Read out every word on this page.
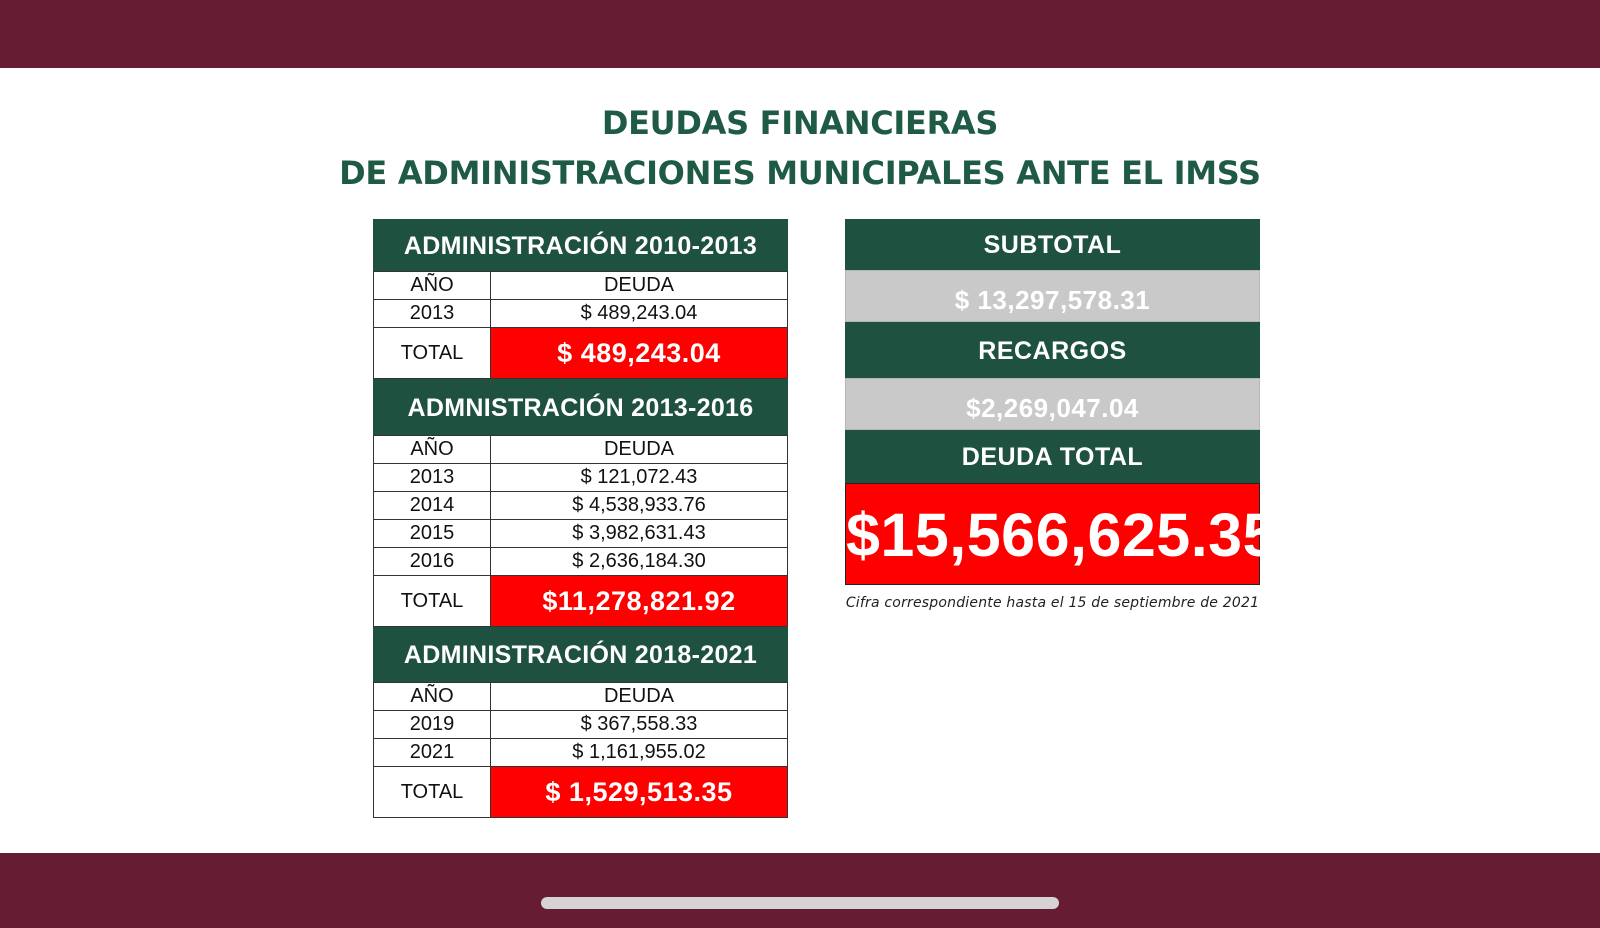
DEUDAS FINANCIERAS
DE ADMINISTRACIONES MUNICIPALES ANTE EL IMSS
ADMINISTRACIÓN 2010-2013
AÑO	DEUDA
2013	$ 489,243.04
TOTAL	$ 489,243.04
ADMNISTRACIÓN 2013-2016
AÑO	DEUDA
2013	$ 121,072.43
2014	$ 4,538,933.76
2015	$ 3,982,631.43
2016	$ 2,636,184.30
TOTAL	$11,278,821.92
ADMINISTRACIÓN 2018-2021
AÑO	DEUDA
2019	$ 367,558.33
2021	$ 1,161,955.02
TOTAL	$ 1,529,513.35
SUBTOTAL
$ 13,297,578.31
RECARGOS
$2,269,047.04
DEUDA TOTAL
$15,566,625.35
Cifra correspondiente hasta el 15 de septiembre de 2021
